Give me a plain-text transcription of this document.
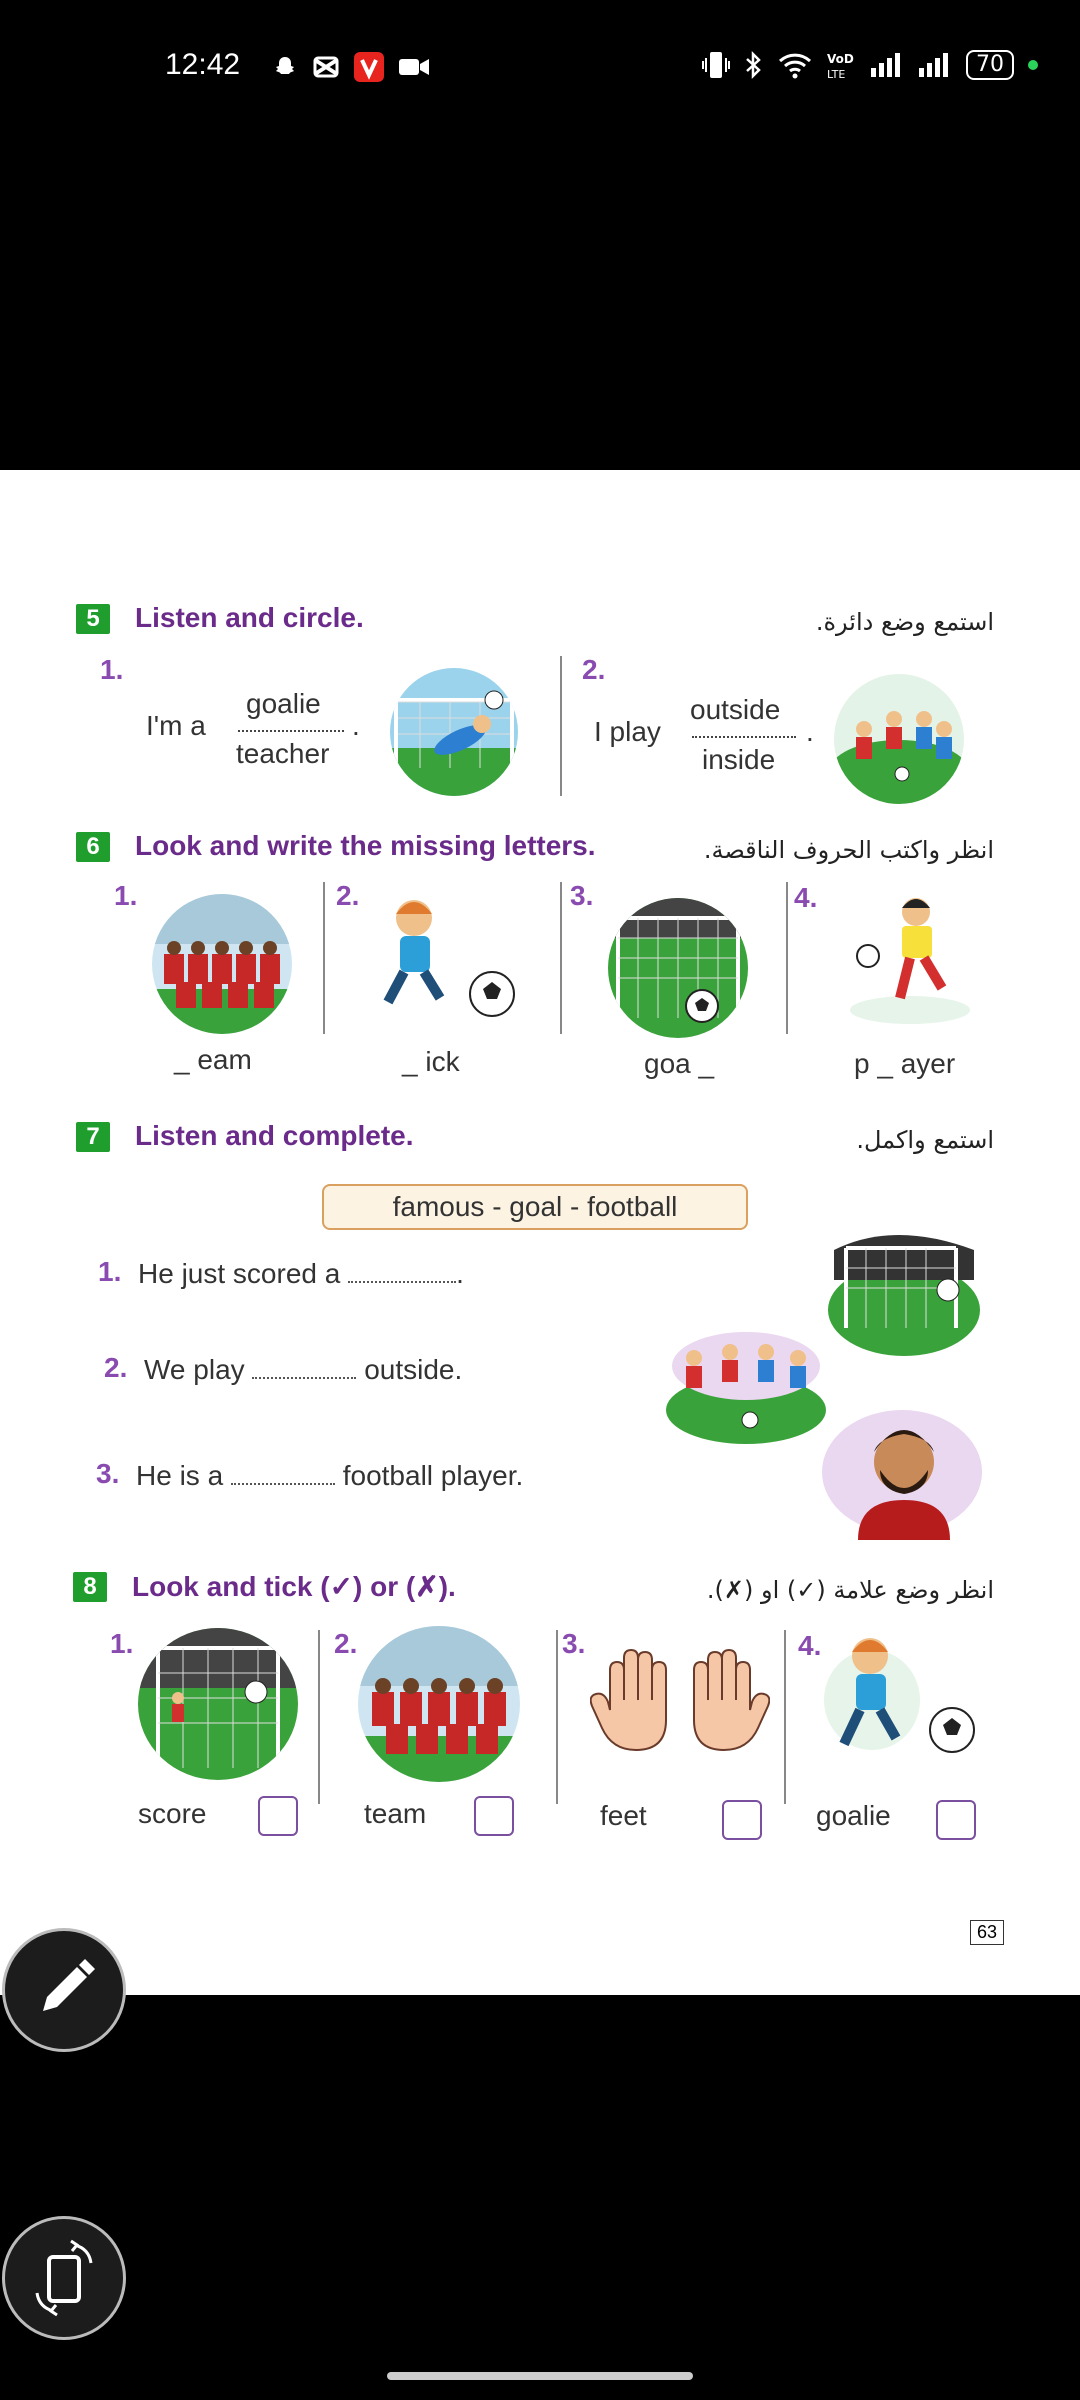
12:42	VoD
LTE	70
5	Listen and circle.	استمع وضع دائرة.
1.
I'm a
goalie
teacher
.
2.
I play
outside
inside
.
6	Look and write the missing letters.	انظر واكتب الحروف الناقصة.
1.
_ eam
2.
_ ick
3.
goa _
4.
p _ ayer
7	Listen and complete.	استمع واكمل.
famous - goal - football
1. He just scored a	.
2. We play	outside.
3. He is a	football player.
8	Look and tick (✓) or (✗).	انظر وضع علامة (✓) او (✗).
1.
score
2.
team
3.
feet
4.
goalie
63
